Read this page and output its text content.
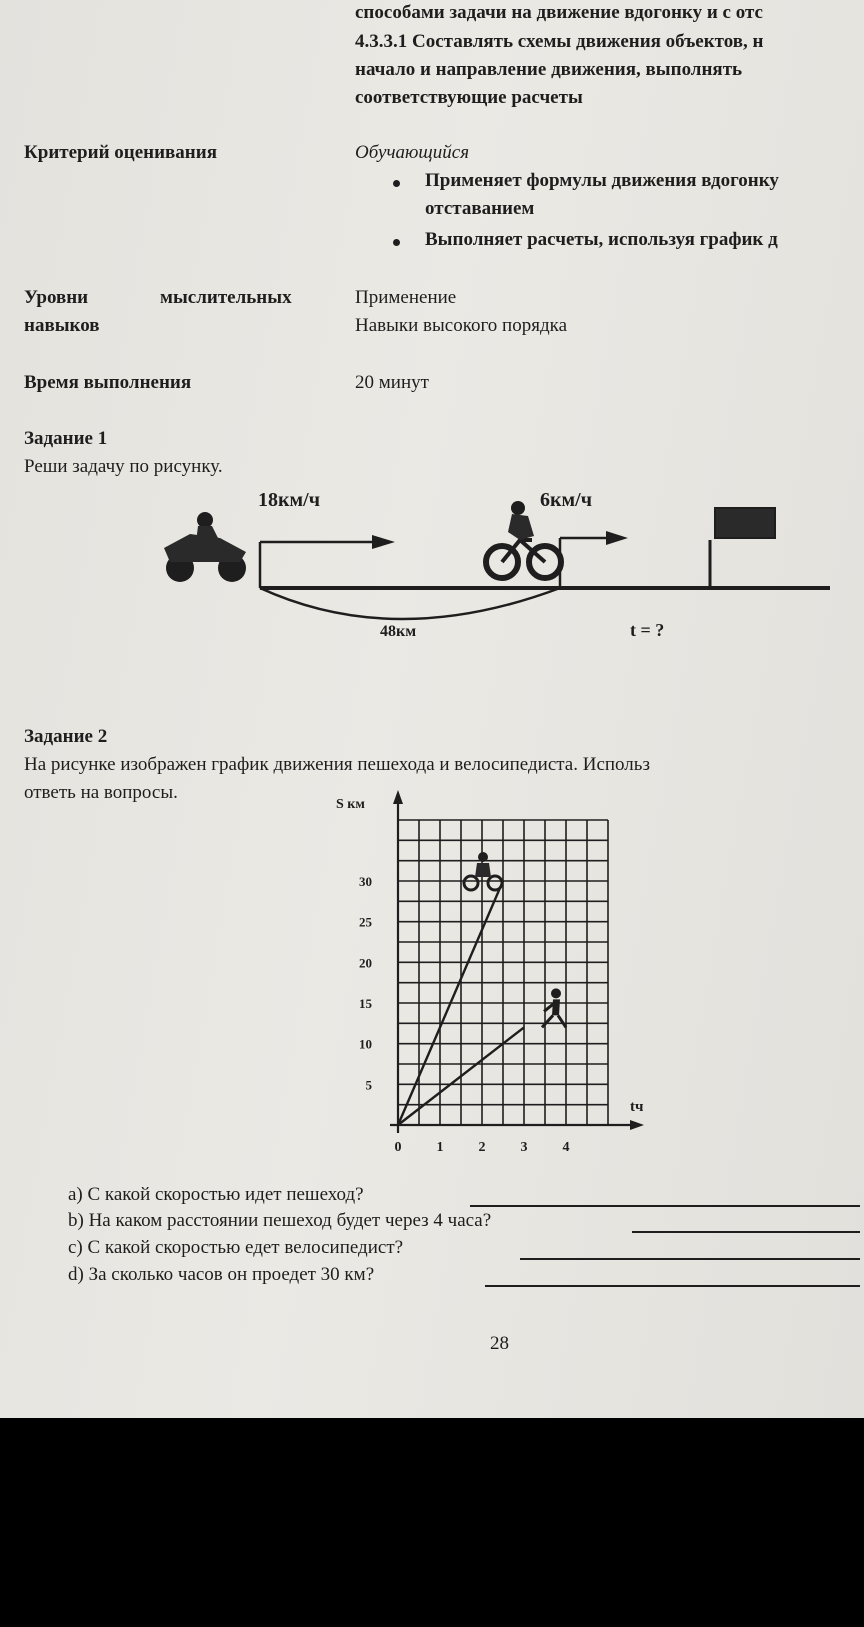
способами задачи на движение вдогонку и с отс
4.3.3.1 Составлять схемы движения объектов, н
начало и направление движения, выполнять
соответствующие расчеты
Критерий оценивания	Обучающийся
Применяет формулы движения вдогонку
отставанием
Выполняет расчеты, используя график д
Уровни	мыслительных
навыков
Применение
Навыки высокого порядка
Время выполнения	20 минут
Задание 1
Реши задачу по рисунку.
18км/ч	6км/ч
48км	t = ?
Задание 2
На рисунке изображен график движения пешехода и велосипедиста. Использ
ответь на вопросы.
S км
tч
0	1	2	3	4
5
10
15
20
25
30
a) С какой скоростью идет пешеход?
b) На каком расстоянии пешеход будет через 4 часа?
c) С какой скоростью едет велосипедист?
d) За сколько часов он проедет 30 км?
28
